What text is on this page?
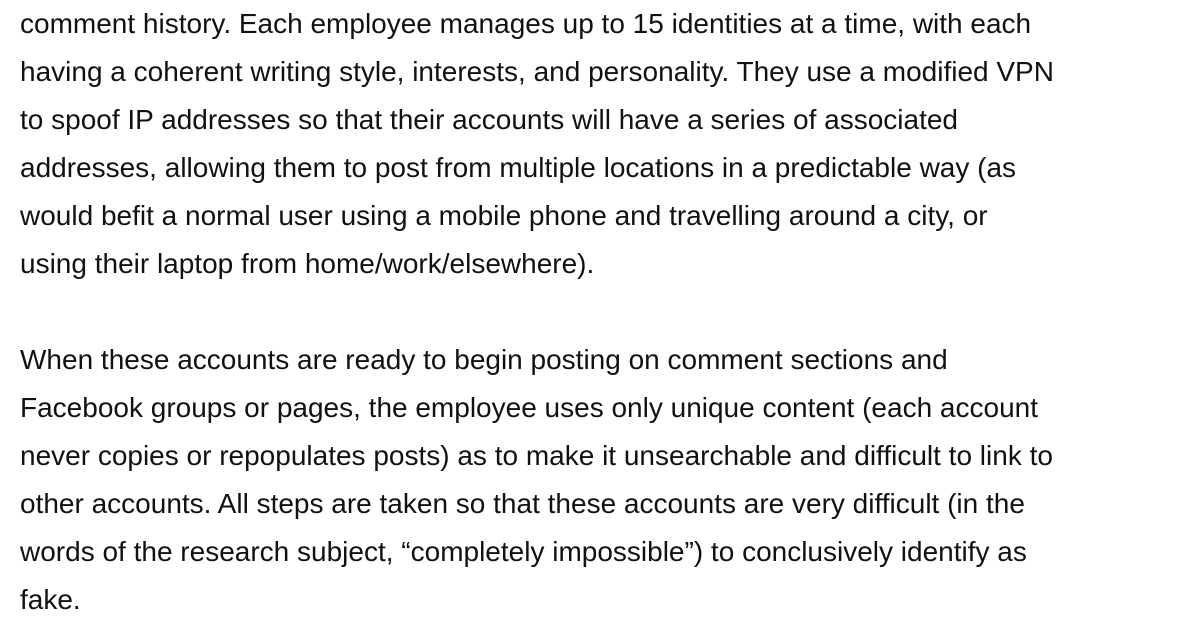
comment history. Each employee manages up to 15 identities at a time, with each
having a coherent writing style, interests, and personality. They use a modified VPN
to spoof IP addresses so that their accounts will have a series of associated
addresses, allowing them to post from multiple locations in a predictable way (as
would befit a normal user using a mobile phone and travelling around a city, or
using their laptop from home/work/elsewhere).

When these accounts are ready to begin posting on comment sections and
Facebook groups or pages, the employee uses only unique content (each account
never copies or repopulates posts) as to make it unsearchable and difficult to link to
other accounts. All steps are taken so that these accounts are very difficult (in the
words of the research subject, “completely impossible”) to conclusively identify as
fake.
